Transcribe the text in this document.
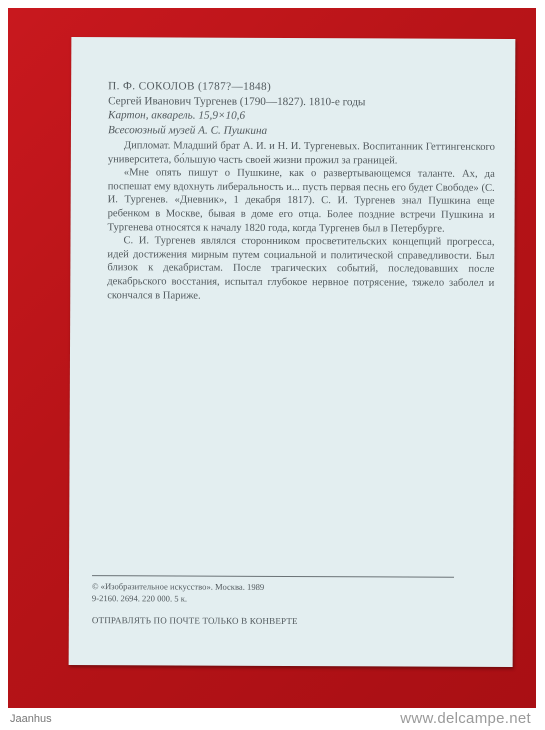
П. Ф. СОКОЛОВ (1787?—1848)
Сергей Иванович Тургенев (1790—1827). 1810-е годы
Картон, акварель. 15,9×10,6
Всесоюзный музей А. С. Пушкина

Дипломат. Младший брат А. И. и Н. И. Тургеневых. Воспитанник Геттингенского университета, бо́льшую часть своей жизни прожил за границей.

«Мне опять пишут о Пушкине, как о развертывающемся таланте. Ах, да поспешат ему вдохнуть либеральность и... пусть первая песнь его будет Свободе» (С. И. Тургенев. «Дневник», 1 декабря 1817). С. И. Тургенев знал Пушкина еще ребенком в Москве, бывая в доме его отца. Более поздние встречи Пушкина и Тургенева относятся к началу 1820 года, когда Тургенев был в Петербурге.

С. И. Тургенев являлся сторонником просветительских концепций прогресса, идей достижения мирным путем социальной и политической справедливости. Был близок к декабристам. После трагических событий, последовавших после декабрьского восстания, испытал глубокое нервное потрясение, тяжело заболел и скончался в Париже.

© «Изобразительное искусство». Москва. 1989
9-2160. 2694. 220 000. 5 к.
ОТПРАВЛЯТЬ ПО ПОЧТЕ ТОЛЬКО В КОНВЕРТЕ
Jaanhus	www.delcampe.net
